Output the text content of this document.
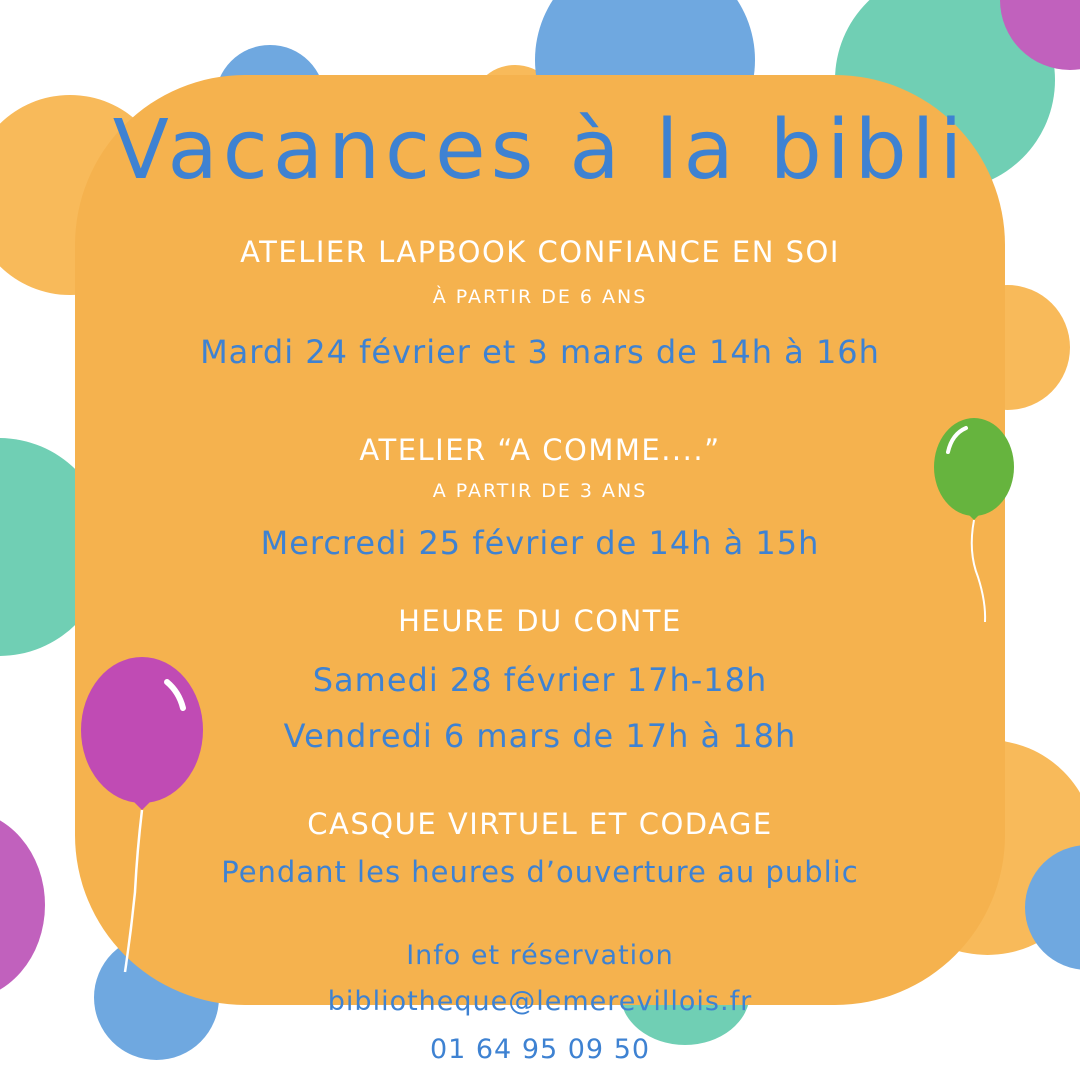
Vacances à la bibli
ATELIER LAPBOOK CONFIANCE EN SOI
À PARTIR DE 6 ANS
Mardi 24 février et 3 mars de 14h à 16h
ATELIER “A COMME....”
A PARTIR DE 3 ANS
Mercredi 25 février de 14h à 15h
HEURE DU CONTE
Samedi 28 février 17h-18h
Vendredi 6 mars de 17h à 18h
CASQUE VIRTUEL ET CODAGE
Pendant les heures d’ouverture au public
Info et réservation
bibliotheque@lemerevillois.fr
01 64 95 09 50
